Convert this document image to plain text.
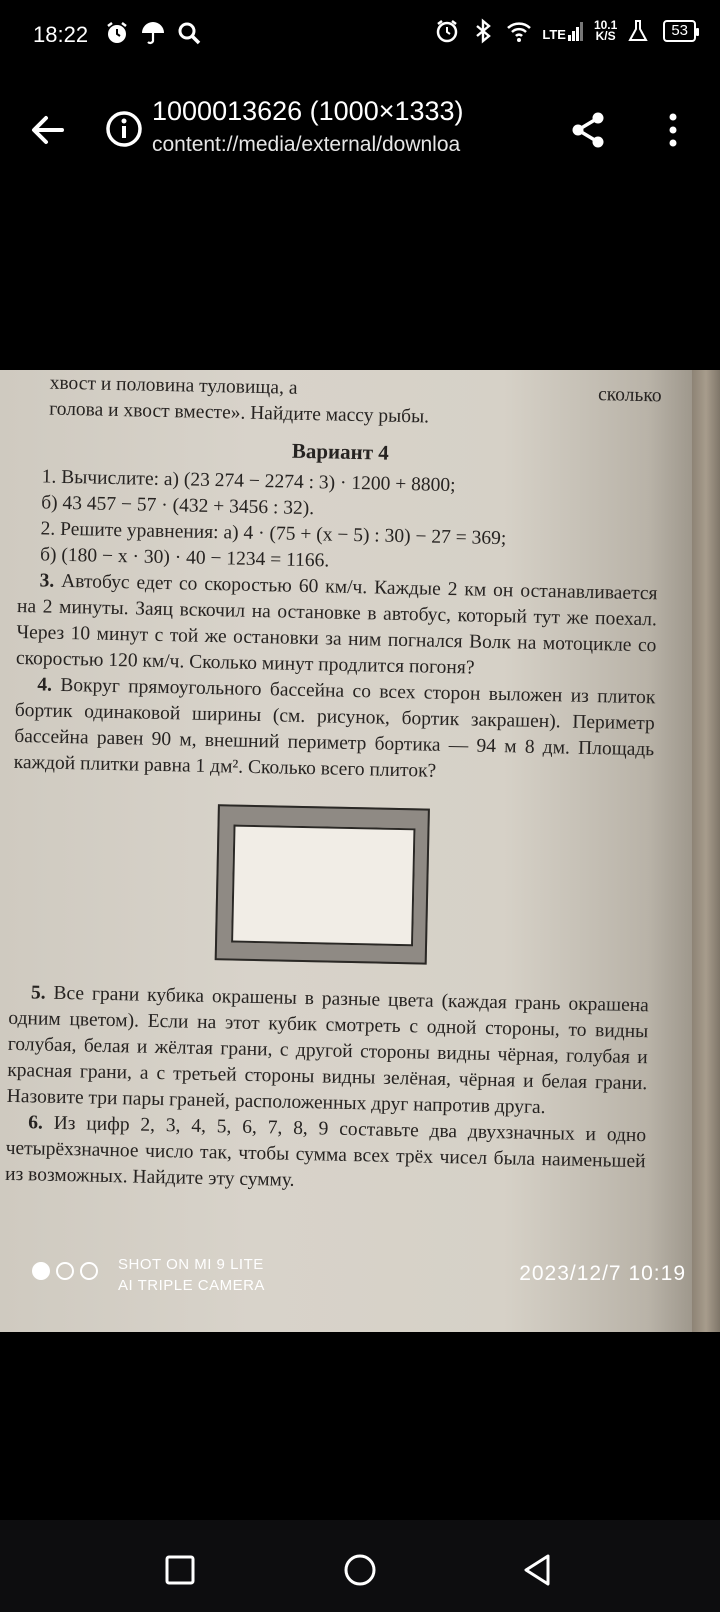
18:22	LTE
10.1
K/S	53
1000013626 (1000×1333)
content://media/external/downloa

хвост и половина туловища, а	сколько

голова и хвост вместе». Найдите массу рыбы.

Вариант 4

1. Вычислите: а) (23 274 − 2274 : 3) · 1200 + 8800;

б) 43 457 − 57 · (432 + 3456 : 32).

2. Решите уравнения: а) 4 · (75 + (x − 5) : 30) − 27 = 369;

б) (180 − x · 30) · 40 − 1234 = 1166.

3. Автобус едет со скоростью 60 км/ч. Каждые 2 км он останавливается на 2 минуты. Заяц вскочил на остановке в автобус, который тут же поехал. Через 10 минут с той же остановки за ним погнался Волк на мотоцикле со скоростью 120 км/ч. Сколько минут продлится погоня?

4. Вокруг прямоугольного бассейна со всех сторон выложен из плиток бортик одинаковой ширины (см. рисунок, бортик закрашен). Периметр бассейна равен 90 м, внешний периметр бортика — 94 м 8 дм. Площадь каждой плитки равна 1 дм². Сколько всего плиток?

5. Все грани кубика окрашены в разные цвета (каждая грань окрашена одним цветом). Если на этот кубик смотреть с одной стороны, то видны голубая, белая и жёлтая грани, с другой стороны видны чёрная, голубая и красная грани, а с третьей стороны видны зелёная, чёрная и белая грани. Назовите три пары граней, расположенных друг напротив друга.

6. Из цифр 2, 3, 4, 5, 6, 7, 8, 9 составьте два двухзначных и одно четырёхзначное число так, чтобы сумма всех трёх чисел была наименьшей из возможных. Найдите эту сумму.

SHOT ON MI 9 LITE
AI TRIPLE CAMERA
2023/12/7 10:19
